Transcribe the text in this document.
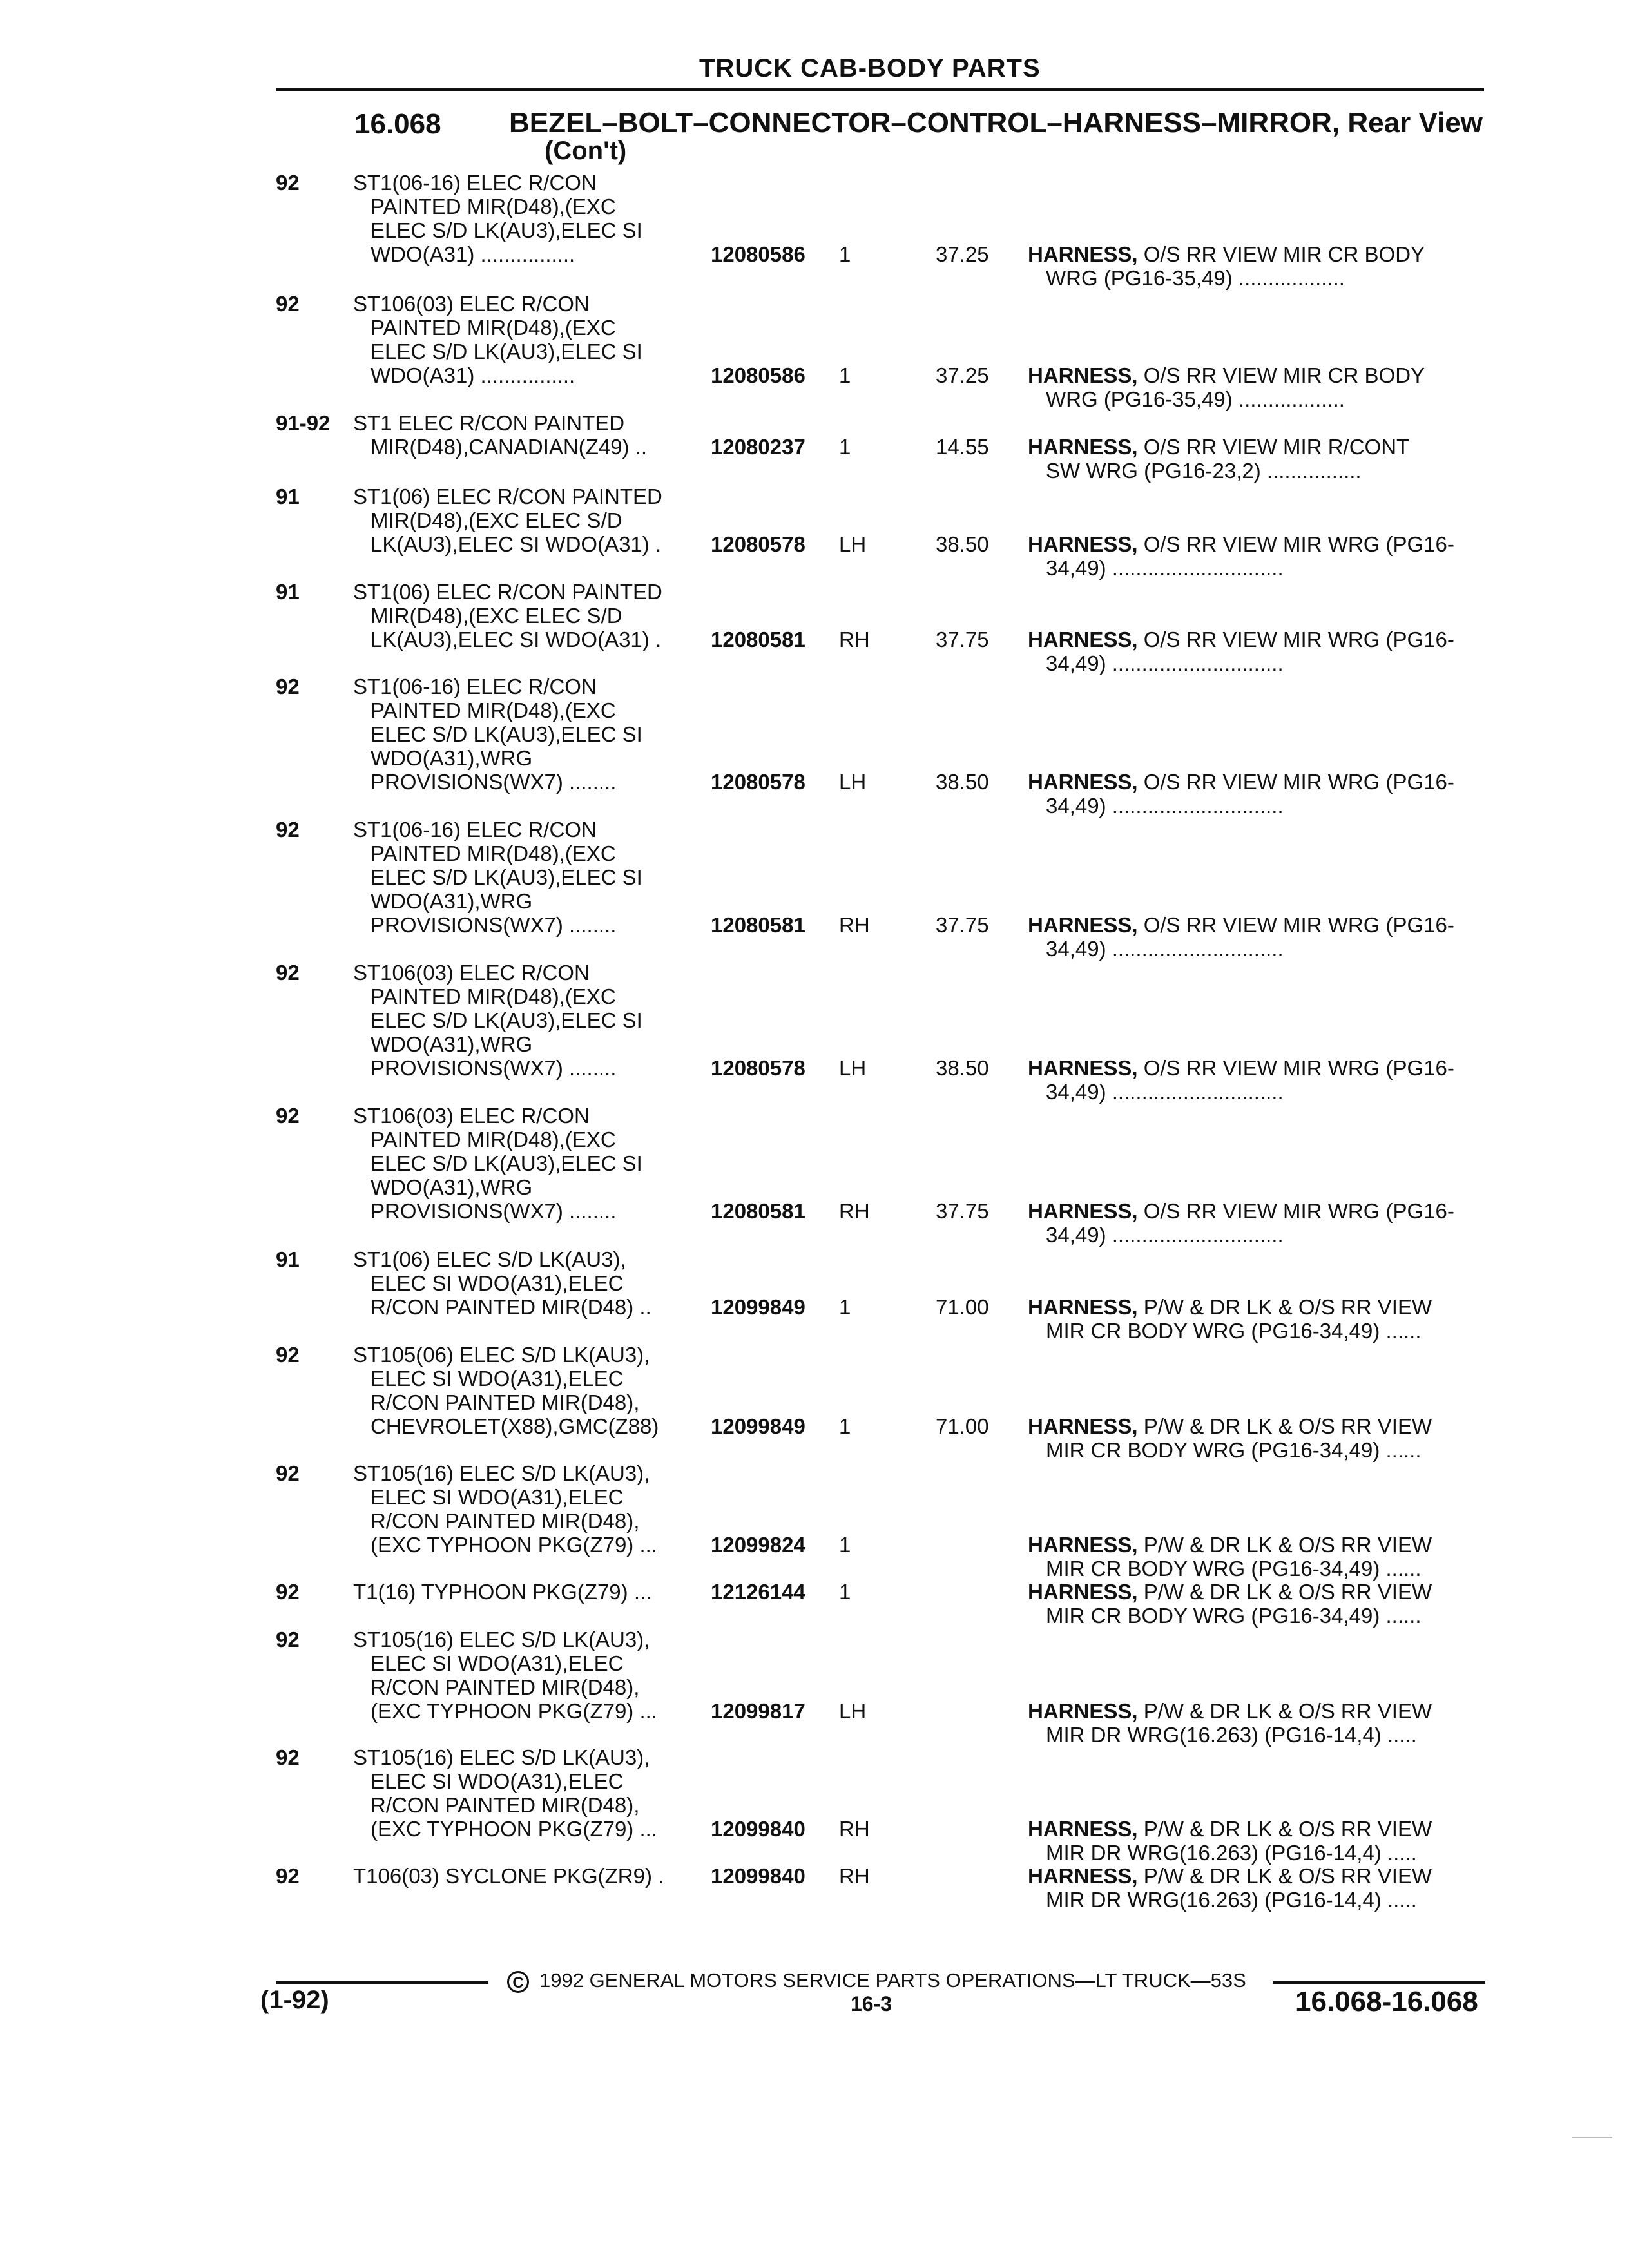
TRUCK CAB-BODY PARTS
16.068 BEZEL–BOLT–CONNECTOR–CONTROL–HARNESS–MIRROR, Rear View
(Con't)
92	ST1(06-16) ELEC R/CON
PAINTED MIR(D48),(EXC
ELEC S/D LK(AU3),ELEC SI
WDO(A31) ................	12080586 1	37.25 HARNESS, O/S RR VIEW MIR CR BODY
WRG (PG16-35,49) ..................
92	ST106(03) ELEC R/CON
PAINTED MIR(D48),(EXC
ELEC S/D LK(AU3),ELEC SI
WDO(A31) ................	12080586 1	37.25 HARNESS, O/S RR VIEW MIR CR BODY
WRG (PG16-35,49) ..................
91-92 ST1 ELEC R/CON PAINTED
MIR(D48),CANADIAN(Z49) ..	12080237 1	14.55 HARNESS, O/S RR VIEW MIR R/CONT
SW WRG (PG16-23,2) ................
91	ST1(06) ELEC R/CON PAINTED
MIR(D48),(EXC ELEC S/D
LK(AU3),ELEC SI WDO(A31) .	12080578 LH	38.50 HARNESS, O/S RR VIEW MIR WRG (PG16-
34,49) .............................
91	ST1(06) ELEC R/CON PAINTED
MIR(D48),(EXC ELEC S/D
LK(AU3),ELEC SI WDO(A31) .	12080581 RH	37.75 HARNESS, O/S RR VIEW MIR WRG (PG16-
34,49) .............................
92	ST1(06-16) ELEC R/CON
PAINTED MIR(D48),(EXC
ELEC S/D LK(AU3),ELEC SI
WDO(A31),WRG
PROVISIONS(WX7) ........	12080578 LH	38.50 HARNESS, O/S RR VIEW MIR WRG (PG16-
34,49) .............................
92	ST1(06-16) ELEC R/CON
PAINTED MIR(D48),(EXC
ELEC S/D LK(AU3),ELEC SI
WDO(A31),WRG
PROVISIONS(WX7) ........	12080581 RH	37.75 HARNESS, O/S RR VIEW MIR WRG (PG16-
34,49) .............................
92	ST106(03) ELEC R/CON
PAINTED MIR(D48),(EXC
ELEC S/D LK(AU3),ELEC SI
WDO(A31),WRG
PROVISIONS(WX7) ........	12080578 LH	38.50 HARNESS, O/S RR VIEW MIR WRG (PG16-
34,49) .............................
92	ST106(03) ELEC R/CON
PAINTED MIR(D48),(EXC
ELEC S/D LK(AU3),ELEC SI
WDO(A31),WRG
PROVISIONS(WX7) ........	12080581 RH	37.75 HARNESS, O/S RR VIEW MIR WRG (PG16-
34,49) .............................
91	ST1(06) ELEC S/D LK(AU3),
ELEC SI WDO(A31),ELEC
R/CON PAINTED MIR(D48) ..	12099849 1	71.00 HARNESS, P/W & DR LK & O/S RR VIEW
MIR CR BODY WRG (PG16-34,49) ......
92	ST105(06) ELEC S/D LK(AU3),
ELEC SI WDO(A31),ELEC
R/CON PAINTED MIR(D48),
CHEVROLET(X88),GMC(Z88)	12099849 1	71.00 HARNESS, P/W & DR LK & O/S RR VIEW
MIR CR BODY WRG (PG16-34,49) ......
92	ST105(16) ELEC S/D LK(AU3),
ELEC SI WDO(A31),ELEC
R/CON PAINTED MIR(D48),
(EXC TYPHOON PKG(Z79) ...	12099824 1	HARNESS, P/W & DR LK & O/S RR VIEW
MIR CR BODY WRG (PG16-34,49) ......
92	T1(16) TYPHOON PKG(Z79) ...	12126144 1	HARNESS, P/W & DR LK & O/S RR VIEW
MIR CR BODY WRG (PG16-34,49) ......
92	ST105(16) ELEC S/D LK(AU3),
ELEC SI WDO(A31),ELEC
R/CON PAINTED MIR(D48),
(EXC TYPHOON PKG(Z79) ...	12099817 LH	HARNESS, P/W & DR LK & O/S RR VIEW
MIR DR WRG(16.263) (PG16-14,4) .....
92	ST105(16) ELEC S/D LK(AU3),
ELEC SI WDO(A31),ELEC
R/CON PAINTED MIR(D48),
(EXC TYPHOON PKG(Z79) ...	12099840 RH	HARNESS, P/W & DR LK & O/S RR VIEW
MIR DR WRG(16.263) (PG16-14,4) .....
92	T106(03) SYCLONE PKG(ZR9) .	12099840 RH	HARNESS, P/W & DR LK & O/S RR VIEW
MIR DR WRG(16.263) (PG16-14,4) .....
C 1992 GENERAL MOTORS SERVICE PARTS OPERATIONS—LT TRUCK—53S
(1-92)	16-3	16.068-16.068
